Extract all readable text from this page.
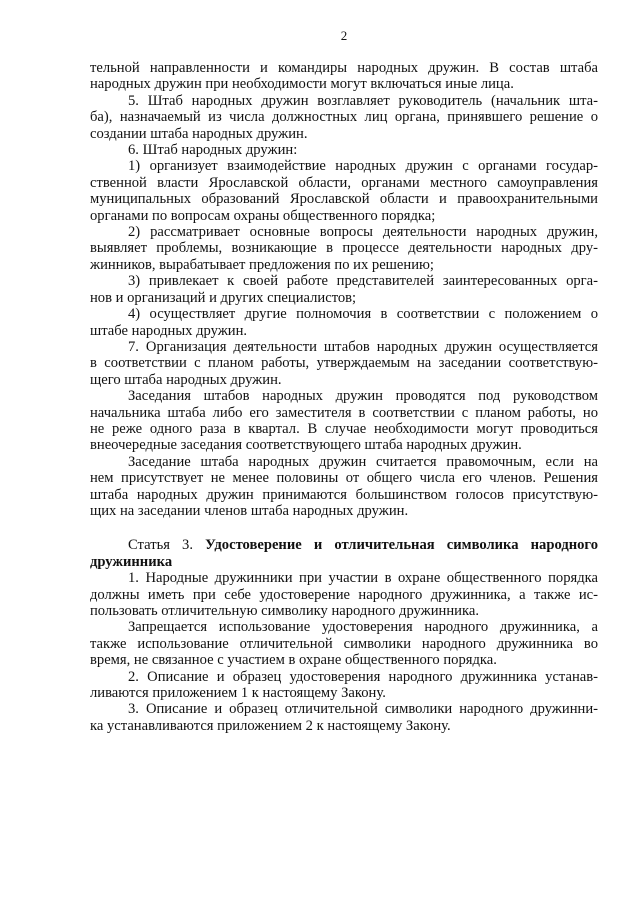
2
тельной направленности и командиры народных дружин. В состав штаба
народных дружин при необходимости могут включаться иные лица.
5. Штаб народных дружин возглавляет руководитель (начальник шта-
ба), назначаемый из числа должностных лиц органа, принявшего решение о
создании штаба народных дружин.
6. Штаб народных дружин:
1) организует взаимодействие народных дружин с органами государ-
ственной власти Ярославской области, органами местного самоуправления
муниципальных образований Ярославской области и правоохранительными
органами по вопросам охраны общественного порядка;
2) рассматривает основные вопросы деятельности народных дружин,
выявляет проблемы, возникающие в процессе деятельности народных дру-
жинников, вырабатывает предложения по их решению;
3) привлекает к своей работе представителей заинтересованных орга-
нов и организаций и других специалистов;
4) осуществляет другие полномочия в соответствии с положением о
штабе народных дружин.
7. Организация деятельности штабов народных дружин осуществляется
в соответствии с планом работы, утверждаемым на заседании соответствую-
щего штаба народных дружин.
Заседания штабов народных дружин проводятся под руководством
начальника штаба либо его заместителя в соответствии с планом работы, но
не реже одного раза в квартал. В случае необходимости могут проводиться
внеочередные заседания соответствующего штаба народных дружин.
Заседание штаба народных дружин считается правомочным, если на
нем присутствует не менее половины от общего числа его членов. Решения
штаба народных дружин принимаются большинством голосов присутствую-
щих на заседании членов штаба народных дружин.
Статья 3. Удостоверение и отличительная символика народного
дружинника
1. Народные дружинники при участии в охране общественного порядка
должны иметь при себе удостоверение народного дружинника, а также ис-
пользовать отличительную символику народного дружинника.
Запрещается использование удостоверения народного дружинника, а
также использование отличительной символики народного дружинника во
время, не связанное с участием в охране общественного порядка.
2. Описание и образец удостоверения народного дружинника устанав-
ливаются приложением 1 к настоящему Закону.
3. Описание и образец отличительной символики народного дружинни-
ка устанавливаются приложением 2 к настоящему Закону.
